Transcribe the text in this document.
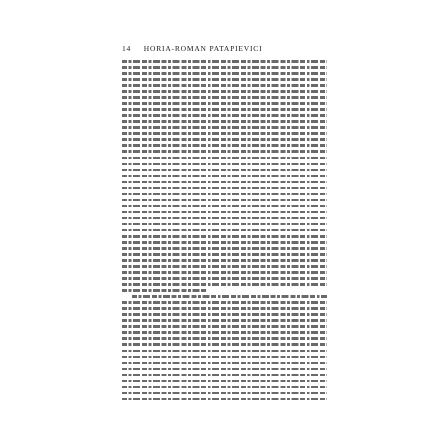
14 HORIA-ROMAN PATAPIEVICI
